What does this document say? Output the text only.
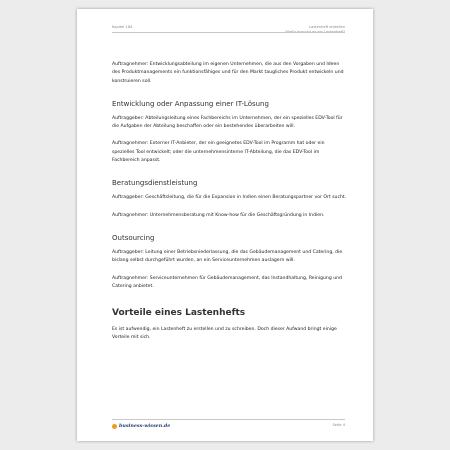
Kapitel 184	Lastenheft erstellen
Wofür braucht es ein Lastenheft?

Auftragnehmer: Entwicklungsabteilung im eigenen Unternehmen, die aus den Vorgaben und Ideen des Produktmanagements ein funktionsfähiges und für den Markt taugliches Produkt entwickeln und konstruieren soll.

Entwicklung oder Anpassung einer IT-Lösung

Auftraggeber: Abteilungsleitung eines Fachbereichs im Unternehmen, der ein spezielles EDV-Tool für die Aufgaben der Abteilung beschaffen oder ein bestehendes überarbeiten will.

Auftragnehmer: Externer IT-Anbieter, der ein geeignetes EDV-Tool im Programm hat oder ein spezielles Tool entwickelt; oder die unternehmensinterne IT-Abteilung, die das EDV-Tool im Fachbereich anpasst.

Beratungsdienstleistung

Auftraggeber: Geschäftsleitung, die für die Expansion in Indien einen Beratungspartner vor Ort sucht.

Auftragnehmer: Unternehmensberatung mit Know-how für die Geschäftsgründung in Indien.

Outsourcing

Auftraggeber: Leitung einer Betriebsniederlassung, die das Gebäudemanagement und Catering, die bislang selbst durchgeführt wurden, an ein Serviceunternehmen auslagern will.

Auftragnehmer: Serviceunternehmen für Gebäudemanagement, das Instandhaltung, Reinigung und Catering anbietet.

Vorteile eines Lastenhefts

Es ist aufwendig, ein Lastenheft zu erstellen und zu schreiben. Doch dieser Aufwand bringt einige Vorteile mit sich.

business-wissen.de	Seite 4
